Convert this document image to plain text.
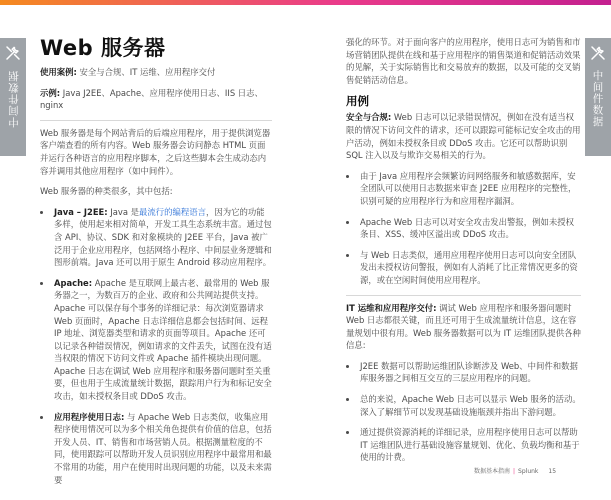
中间件数据	中间件数据
Web 服务器

使用案例: 安全与合规、IT 运维、应用程序交付

示例: Java J2EE、Apache、应用程序使用日志、IIS 日志、nginx

Web 服务器是每个网站背后的后端应用程序，用于提供浏览器客户端查看的所有内容。Web 服务器会访问静态 HTML 页面并运行各种语言的应用程序脚本，之后这些脚本会生成动态内容并调用其他应用程序（如中间件）。

Web 服务器的种类很多，其中包括:

• Java – J2EE: Java 是最流行的编程语言，因为它的功能多样，使用起来相对简单，开发工具生态系统丰富。通过包含 API、协议、SDK 和对象模块的 J2EE 平台，Java 被广泛用于企业应用程序，包括网络小程序、中间层业务逻辑和图形前端。Java 还可以用于原生 Android 移动应用程序。
• Apache: Apache 是互联网上最古老、最常用的 Web 服务器之一，为数百万的企业、政府和公共网站提供支持。Apache 可以保存每个事务的详细记录：每次浏览器请求 Web 页面时，Apache 日志详细信息都会包括时间、远程 IP 地址、浏览器类型和请求的页面等项目。Apache 还可以记录各种错误情况，例如请求的文件丢失，试图在没有适当权限的情况下访问文件或 Apache 插件模块出现问题。Apache 日志在调试 Web 应用程序和服务器问题时至关重要，但也用于生成流量统计数据，跟踪用户行为和标记安全攻击，如未授权条目或 DDoS 攻击。
• 应用程序使用日志: 与 Apache Web 日志类似，收集应用程序使用情况可以为多个相关角色提供有价值的信息，包括开发人员、IT、销售和市场营销人员。根据测量粒度的不同，使用跟踪可以帮助开发人员识别应用程序中最常用和最不常用的功能，用户在使用时出现问题的功能，以及未来需要

强化的环节。对于面向客户的应用程序，使用日志可为销售和市场营销团队提供在线和基于应用程序的销售渠道和促销活动效果的见解，关于实际销售比和交易放弃的数据，以及可能的交叉销售促销活动信息。

用例

安全与合规: Web 日志可以记录错误情况，例如在没有适当权限的情况下访问文件的请求，还可以跟踪可能标记安全攻击的用户活动，例如未授权条目或 DDoS 攻击。它还可以帮助识别 SQL 注入以及与欺诈交易相关的行为。

• 由于 Java 应用程序会频繁访问网络服务和敏感数据库，安全团队可以使用日志数据来审查 J2EE 应用程序的完整性，识别可疑的应用程序行为和应用程序漏洞。
• Apache Web 日志可以对安全攻击发出警报，例如未授权条目、XSS、缓冲区溢出或 DDoS 攻击。
• 与 Web 日志类似，通用应用程序使用日志可以向安全团队发出未授权访问警报，例如有人消耗了比正常情况更多的资源，或在空闲时间使用应用程序。

IT 运维和应用程序交付: 调试 Web 应用程序和服务器问题时 Web 日志都很关键，而且还可用于生成流量统计信息，这在容量规划中很有用。Web 服务器数据可以为 IT 运维团队提供各种信息:

• J2EE 数据可以帮助运维团队诊断涉及 Web、中间件和数据库服务器之间相互交互的三层应用程序的问题。
• 总的来说，Apache Web 日志可以显示 Web 服务的活动。深入了解细节可以发现基础设施瓶颈并指出下游问题。
• 通过提供资源消耗的详细记录，应用程序使用日志可以帮助 IT 运维团队进行基础设施容量规划、优化、负载均衡和基于使用的计费。
数据基本指南 | Splunk 15
